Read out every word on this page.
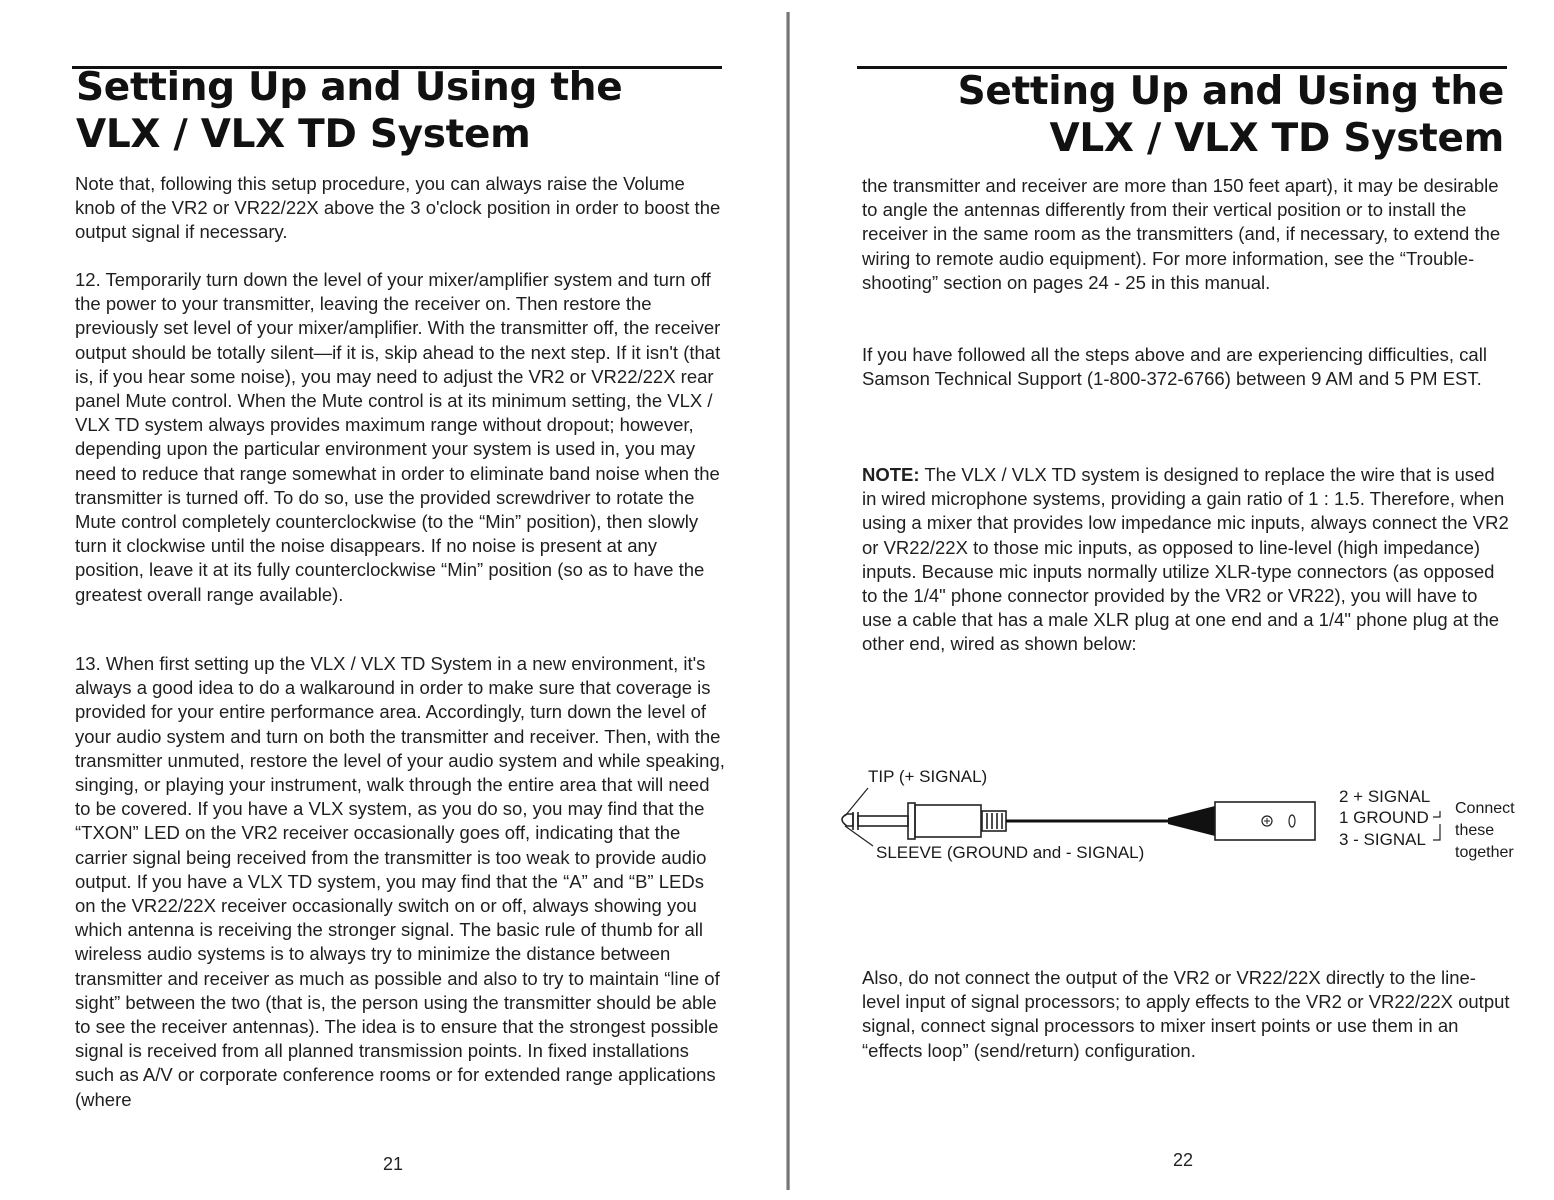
Setting Up and Using the
VLX / VLX TD System

Note that, following this setup procedure, you can always raise the Volume knob of the VR2 or VR22/22X above the 3 o'clock position in order to boost the output signal if necessary.

12. Temporarily turn down the level of your mixer/amplifier system and turn off the power to your transmitter, leaving the receiver on. Then restore the previously set level of your mixer/amplifier. With the transmitter off, the receiver output should be totally silent—if it is, skip ahead to the next step. If it isn't (that is, if you hear some noise), you may need to adjust the VR2 or VR22/22X rear panel Mute control. When the Mute control is at its minimum setting, the VLX / VLX TD system always provides maximum range without dropout; however, depending upon the particular environment your system is used in, you may need to reduce that range somewhat in order to eliminate band noise when the transmitter is turned off. To do so, use the provided screwdriver to rotate the Mute control completely counterclockwise (to the “Min” position), then slowly turn it clockwise until the noise disappears. If no noise is present at any position, leave it at its fully counterclockwise “Min” position (so as to have the greatest overall range available).

13. When first setting up the VLX / VLX TD System in a new environment, it's always a good idea to do a walkaround in order to make sure that coverage is provided for your entire performance area. Accordingly, turn down the level of your audio system and turn on both the transmitter and receiver. Then, with the transmitter unmuted, restore the level of your audio system and while speaking, singing, or playing your instrument, walk through the entire area that will need to be covered. If you have a VLX system, as you do so, you may find that the “TXON” LED on the VR2 receiver occasionally goes off, indicating that the carrier signal being received from the transmitter is too weak to provide audio output. If you have a VLX TD system, you may find that the “A” and “B” LEDs on the VR22/22X receiver occasionally switch on or off, always showing you which antenna is receiving the stronger signal. The basic rule of thumb for all wireless audio systems is to always try to minimize the distance between transmitter and receiver as much as possible and also to try to maintain “line of sight” between the two (that is, the person using the transmitter should be able to see the receiver antennas). The idea is to ensure that the strongest possible signal is received from all planned transmission points. In fixed installations such as A/V or corporate conference rooms or for extended range applications (where

21
Setting Up and Using the
VLX / VLX TD System

the transmitter and receiver are more than 150 feet apart), it may be desirable to angle the antennas differently from their vertical position or to install the receiver in the same room as the transmitters (and, if necessary, to extend the wiring to remote audio equipment). For more information, see the “Trouble-shooting” section on pages 24 - 25 in this manual.

If you have followed all the steps above and are experiencing difficulties, call Samson Technical Support (1-800-372-6766) between 9 AM and 5 PM EST.

NOTE: The VLX / VLX TD system is designed to replace the wire that is used in wired microphone systems, providing a gain ratio of 1 : 1.5. Therefore, when using a mixer that provides low impedance mic inputs, always connect the VR2 or VR22/22X to those mic inputs, as opposed to line-level (high impedance) inputs. Because mic inputs normally utilize XLR-type connectors (as opposed to the 1/4" phone connector provided by the VR2 or VR22), you will have to use a cable that has a male XLR plug at one end and a 1/4" phone plug at the other end, wired as shown below:

TIP (+ SIGNAL)
SLEEVE (GROUND and - SIGNAL)
2 + SIGNAL
1 GROUND
3 - SIGNAL
Connect
these
together

Also, do not connect the output of the VR2 or VR22/22X directly to the line-level input of signal processors; to apply effects to the VR2 or VR22/22X output signal, connect signal processors to mixer insert points or use them in an “effects loop” (send/return) configuration.

22
